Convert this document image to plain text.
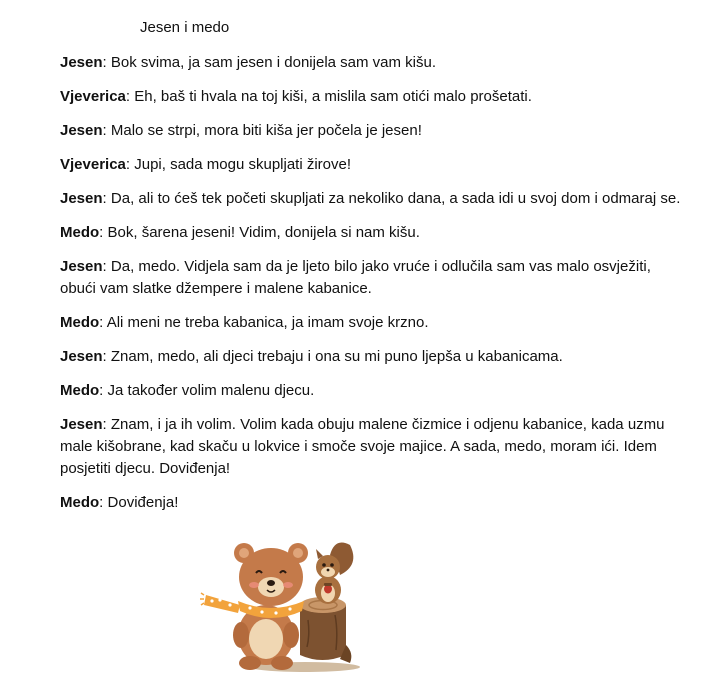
Jesen i medo

Jesen: Bok svima, ja sam jesen i donijela sam vam kišu.

Vjeverica: Eh, baš ti hvala na toj kiši, a mislila sam otići malo prošetati.

Jesen: Malo se strpi, mora biti kiša jer počela je jesen!

Vjeverica: Jupi, sada mogu skupljati žirove!

Jesen: Da, ali to ćeš tek početi skupljati za nekoliko dana, a sada idi u svoj dom i odmaraj se.

Medo: Bok, šarena jeseni! Vidim, donijela si nam kišu.

Jesen: Da, medo. Vidjela sam da je ljeto bilo jako vruće i odlučila sam vas malo osvježiti, obući vam slatke džempere i malene kabanice.

Medo: Ali meni ne treba kabanica, ja imam svoje krzno.

Jesen: Znam, medo, ali djeci trebaju i ona su mi puno ljepša u kabanicama.

Medo: Ja također volim malenu djecu.

Jesen: Znam, i ja ih volim. Volim kada obuju malene čizmice i odjenu kabanice, kada uzmu male kišobrane, kad skaču u lokvice i smoče svoje majice. A sada, medo, moram ići. Idem posjetiti djecu. Doviđenja!

Medo: Doviđenja!
